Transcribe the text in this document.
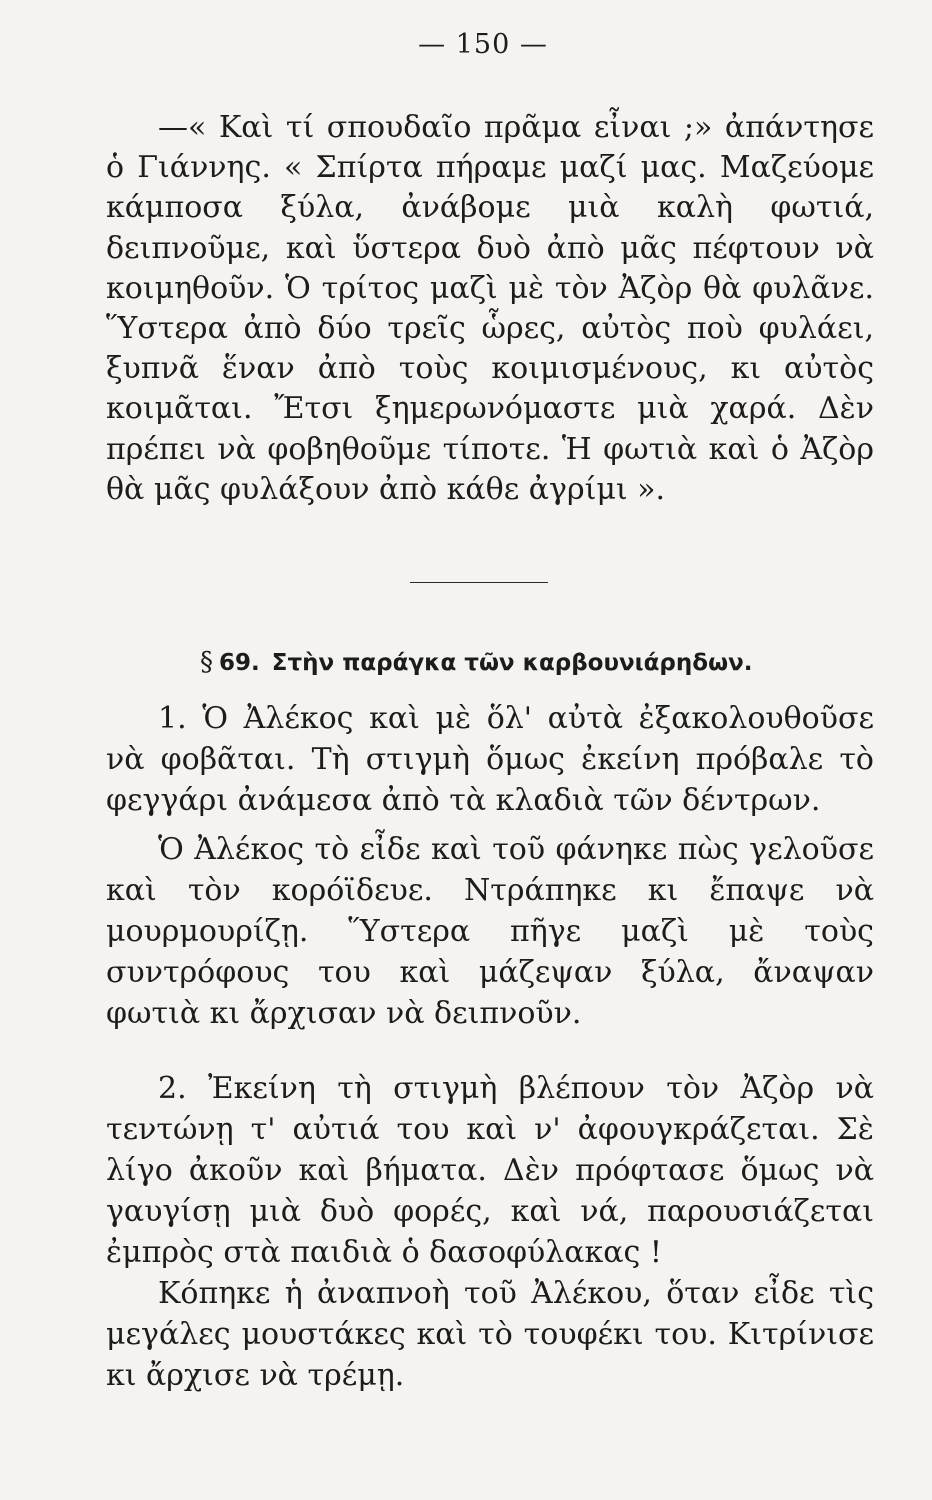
— 150 —

—« Καὶ τί σπουδαῖο πρᾶμα εἶναι ;» ἀπάντησε ὁ Γιάννης. « Σπίρτα πήραμε μαζί μας. Μαζεύομε κάμποσα ξύλα, ἀνάβομε μιὰ καλὴ φωτιά, δειπνοῦμε, καὶ ὕστερα δυὸ ἀπὸ μᾶς πέφτουν νὰ κοιμηθοῦν. Ὁ τρίτος μαζὶ μὲ τὸν Ἀζὸρ θὰ φυλᾶνε. Ὕστερα ἀπὸ δύο τρεῖς ὧρες, αὐτὸς ποὺ φυλάει, ξυπνᾶ ἕναν ἀπὸ τοὺς κοιμισμένους, κι αὐτὸς κοιμᾶται. Ἔτσι ξημερωνόμαστε μιὰ χαρά. Δὲν πρέπει νὰ φοβηθοῦμε τίποτε. Ἡ φωτιὰ καὶ ὁ Ἀζὸρ θὰ μᾶς φυλάξουν ἀπὸ κάθε ἀγρίμι ».

§ 69. Στὴν παράγκα τῶν καρβουνιάρηδων.

1. Ὁ Ἀλέκος καὶ μὲ ὅλ' αὐτὰ ἐξακολουθοῦσε νὰ φοβᾶται. Τὴ στιγμὴ ὅμως ἐκείνη πρόβαλε τὸ φεγγάρι ἀνάμεσα ἀπὸ τὰ κλαδιὰ τῶν δέντρων.

Ὁ Ἀλέκος τὸ εἶδε καὶ τοῦ φάνηκε πὼς γελοῦσε καὶ τὸν κορόϊδευε. Ντράπηκε κι ἔπαψε νὰ μουρμουρίζῃ. Ὕστερα πῆγε μαζὶ μὲ τοὺς συντρόφους του καὶ μάζεψαν ξύλα, ἄναψαν φωτιὰ κι ἄρχισαν νὰ δειπνοῦν.

2. Ἐκείνη τὴ στιγμὴ βλέπουν τὸν Ἀζὸρ νὰ τεντώνῃ τ' αὐτιά του καὶ ν' ἀφουγκράζεται. Σὲ λίγο ἀκοῦν καὶ βήματα. Δὲν πρόφτασε ὅμως νὰ γαυγίσῃ μιὰ δυὸ φορές, καὶ νά, παρουσιάζεται ἐμπρὸς στὰ παιδιὰ ὁ δασοφύλακας !

Κόπηκε ἡ ἀναπνοὴ τοῦ Ἀλέκου, ὅταν εἶδε τὶς μεγάλες μουστάκες καὶ τὸ τουφέκι του. Κιτρίνισε κι ἄρχισε νὰ τρέμῃ.
